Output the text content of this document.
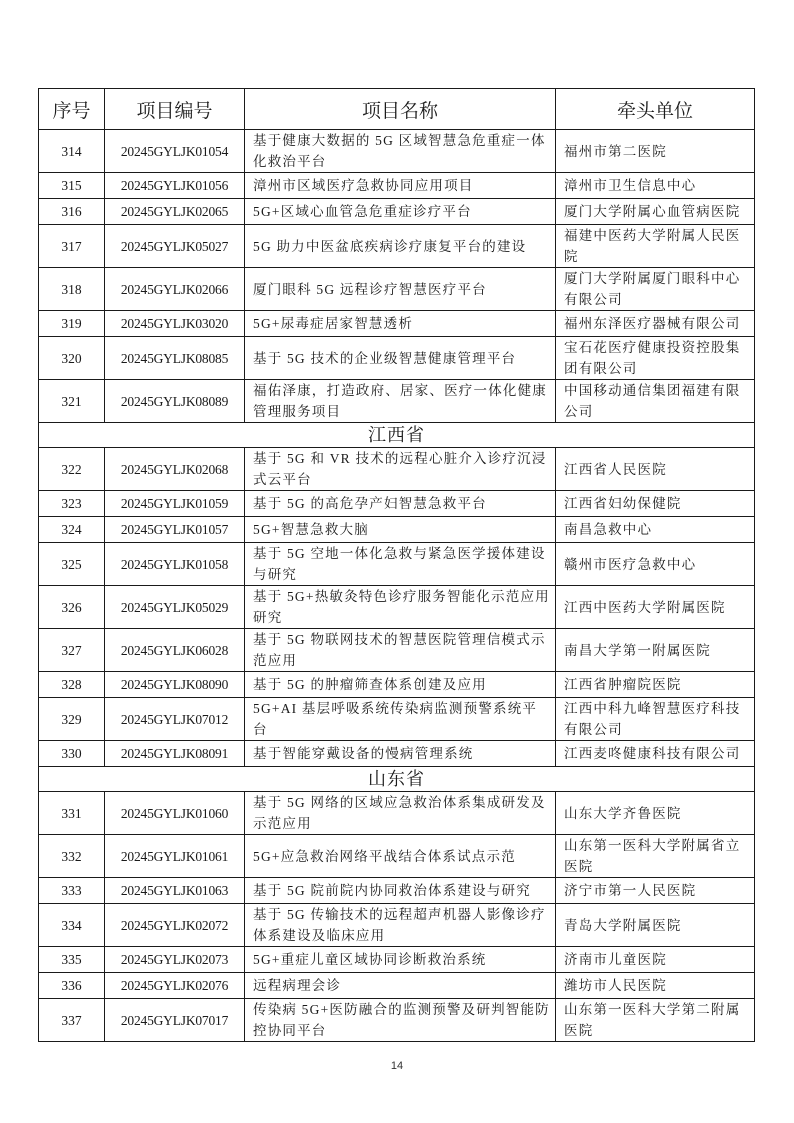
序号	项目编号	项目名称	牵头单位
314	20245GYLJK01054	基于健康大数据的 5G 区域智慧急危重症一体化救治平台	福州市第二医院
315	20245GYLJK01056	漳州市区域医疗急救协同应用项目	漳州市卫生信息中心
316	20245GYLJK02065	5G+区域心血管急危重症诊疗平台	厦门大学附属心血管病医院
317	20245GYLJK05027	5G 助力中医盆底疾病诊疗康复平台的建设	福建中医药大学附属人民医院
318	20245GYLJK02066	厦门眼科 5G 远程诊疗智慧医疗平台	厦门大学附属厦门眼科中心有限公司
319	20245GYLJK03020	5G+尿毒症居家智慧透析	福州东泽医疗器械有限公司
320	20245GYLJK08085	基于 5G 技术的企业级智慧健康管理平台	宝石花医疗健康投资控股集团有限公司
321	20245GYLJK08089	福佑泽康，打造政府、居家、医疗一体化健康管理服务项目	中国移动通信集团福建有限公司
江西省			
322	20245GYLJK02068	基于 5G 和 VR 技术的远程心脏介入诊疗沉浸式云平台	江西省人民医院
323	20245GYLJK01059	基于 5G 的高危孕产妇智慧急救平台	江西省妇幼保健院
324	20245GYLJK01057	5G+智慧急救大脑	南昌急救中心
325	20245GYLJK01058	基于 5G 空地一体化急救与紧急医学援体建设与研究	赣州市医疗急救中心
326	20245GYLJK05029	基于 5G+热敏灸特色诊疗服务智能化示范应用研究	江西中医药大学附属医院
327	20245GYLJK06028	基于 5G 物联网技术的智慧医院管理信模式示范应用	南昌大学第一附属医院
328	20245GYLJK08090	基于 5G 的肿瘤筛查体系创建及应用	江西省肿瘤院医院
329	20245GYLJK07012	5G+AI 基层呼吸系统传染病监测预警系统平台	江西中科九峰智慧医疗科技有限公司
330	20245GYLJK08091	基于智能穿戴设备的慢病管理系统	江西麦咚健康科技有限公司
山东省			
331	20245GYLJK01060	基于 5G 网络的区域应急救治体系集成研发及示范应用	山东大学齐鲁医院
332	20245GYLJK01061	5G+应急救治网络平战结合体系试点示范	山东第一医科大学附属省立医院
333	20245GYLJK01063	基于 5G 院前院内协同救治体系建设与研究	济宁市第一人民医院
334	20245GYLJK02072	基于 5G 传输技术的远程超声机器人影像诊疗体系建设及临床应用	青岛大学附属医院
335	20245GYLJK02073	5G+重症儿童区域协同诊断救治系统	济南市儿童医院
336	20245GYLJK02076	远程病理会诊	潍坊市人民医院
337	20245GYLJK07017	传染病 5G+医防融合的监测预警及研判智能防控协同平台	山东第一医科大学第二附属医院
14
